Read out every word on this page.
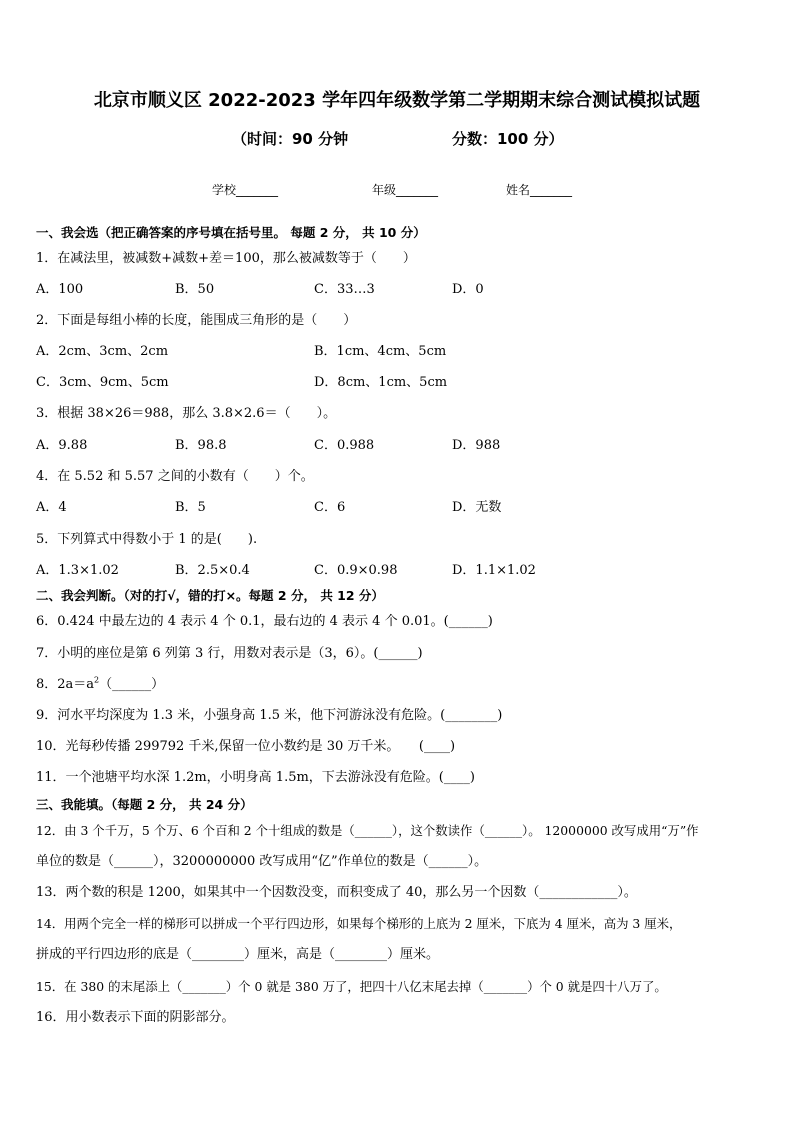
北京市顺义区 2022-2023 学年四年级数学第二学期期末综合测试模拟试题
（时间：90 分钟	分数：100 分）
学校_______	年级_______	姓名_______
一、我会选（把正确答案的序号填在括号里。 每题 2 分， 共 10 分）
1．在减法里，被减数+减数+差＝100，那么被减数等于（　　）
A．100	B．50	C．33…3	D．0
2．下面是每组小棒的长度，能围成三角形的是（　　）
A．2cm、3cm、2cm	B．1cm、4cm、5cm
C．3cm、9cm、5cm	D．8cm、1cm、5cm
3．根据 38×26＝988，那么 3.8×2.6＝（　　）。
A．9.88	B．98.8	C．0.988	D．988
4．在 5.52 和 5.57 之间的小数有（　　）个。
A．4	B．5	C．6	D．无数
5．下列算式中得数小于 1 的是(　　).
A．1.3×1.02	B．2.5×0.4	C．0.9×0.98	D．1.1×1.02
二、我会判断。（对的打√，错的打×。每题 2 分， 共 12 分）
6．0.424 中最左边的 4 表示 4 个 0.1，最右边的 4 表示 4 个 0.01。(______)
7．小明的座位是第 6 列第 3 行，用数对表示是（3，6）。(______)
8．$2a=a^2(\_\_\_\_\_\_)$
9．河水平均深度为 1.3 米，小强身高 1.5 米，他下河游泳没有危险。(________)
10．光每秒传播 299792 千米,保留一位小数约是 30 万千米。　　(____)
11．一个池塘平均水深 1.2m，小明身高 1.5m，下去游泳没有危险。(____)
三、我能填。（每题 2 分， 共 24 分）
12．由 3 个千万，5 个万、6 个百和 2 个十组成的数是（______），这个数读作（______）。 12000000 改写成用“万”作
单位的数是（______），3200000000 改写成用“亿”作单位的数是（______）。
13．两个数的积是 1200，如果其中一个因数没变，而积变成了 40，那么另一个因数（____________）。
14．用两个完全一样的梯形可以拼成一个平行四边形，如果每个梯形的上底为 2 厘米，下底为 4 厘米，高为 3 厘米，
拼成的平行四边形的底是（________）厘米，高是（________）厘米。
15．在 380 的末尾添上（_______）个 0 就是 380 万了，把四十八亿末尾去掉（_______）个 0 就是四十八万了。
16．用小数表示下面的阴影部分。
